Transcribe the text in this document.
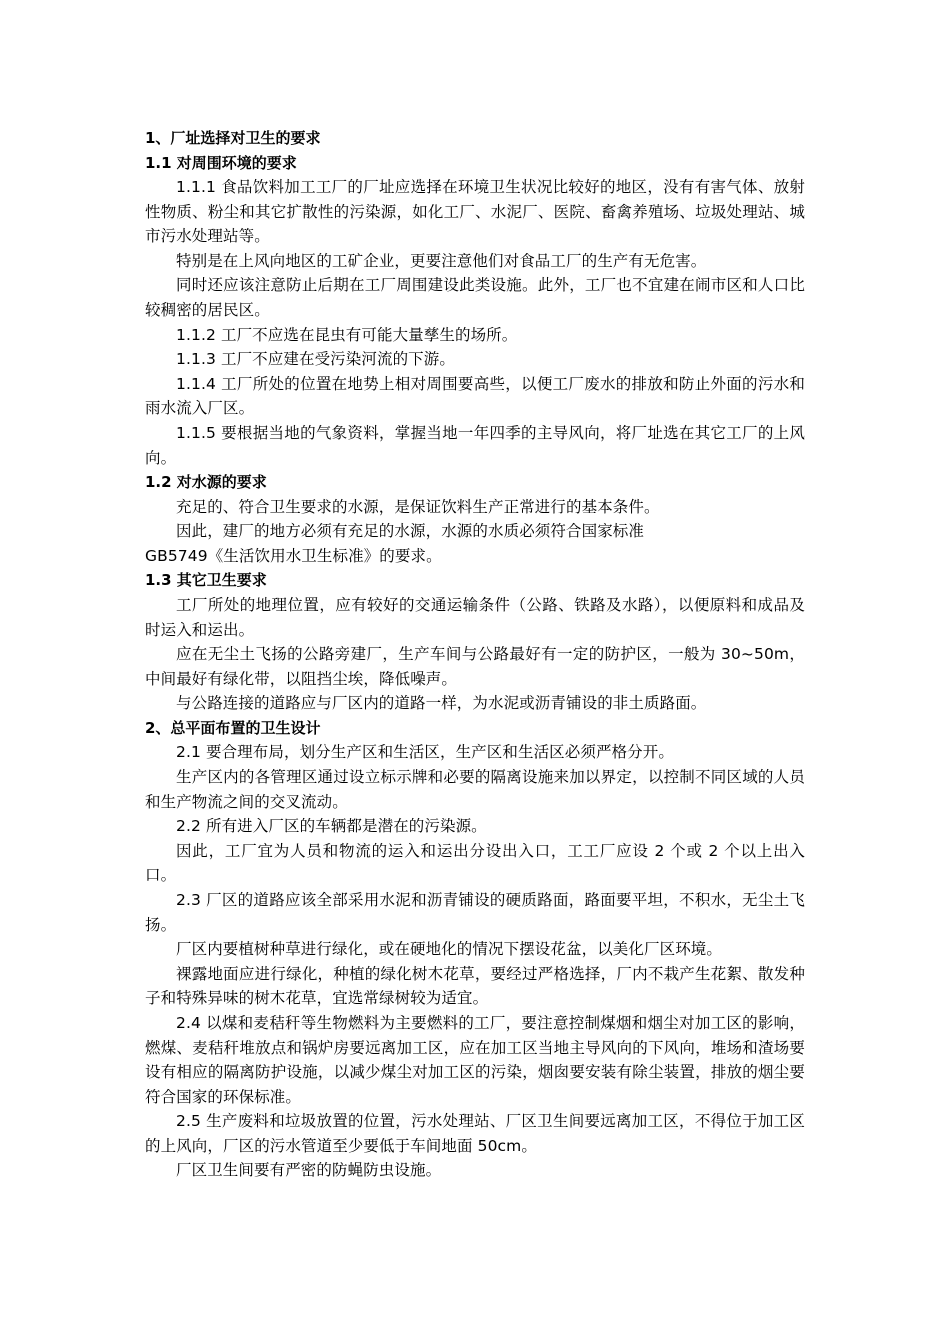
1、厂址选择对卫生的要求

1.1 对周围环境的要求

1.1.1 食品饮料加工工厂的厂址应选择在环境卫生状况比较好的地区，没有有害气体、放射性物质、粉尘和其它扩散性的污染源，如化工厂、水泥厂、医院、畜禽养殖场、垃圾处理站、城市污水处理站等。

特别是在上风向地区的工矿企业，更要注意他们对食品工厂的生产有无危害。

同时还应该注意防止后期在工厂周围建设此类设施。此外，工厂也不宜建在闹市区和人口比较稠密的居民区。

1.1.2 工厂不应选在昆虫有可能大量孳生的场所。

1.1.3 工厂不应建在受污染河流的下游。

1.1.4 工厂所处的位置在地势上相对周围要高些，以便工厂废水的排放和防止外面的污水和雨水流入厂区。

1.1.5 要根据当地的气象资料，掌握当地一年四季的主导风向，将厂址选在其它工厂的上风向。

1.2 对水源的要求

充足的、符合卫生要求的水源，是保证饮料生产正常进行的基本条件。

因此，建厂的地方必须有充足的水源，水源的水质必须符合国家标准
GB5749《生活饮用水卫生标准》的要求。

1.3 其它卫生要求

工厂所处的地理位置，应有较好的交通运输条件（公路、铁路及水路），以便原料和成品及时运入和运出。

应在无尘土飞扬的公路旁建厂，生产车间与公路最好有一定的防护区，一般为 30~50m，中间最好有绿化带，以阻挡尘埃，降低噪声。

与公路连接的道路应与厂区内的道路一样，为水泥或沥青铺设的非土质路面。

2、总平面布置的卫生设计

2.1 要合理布局，划分生产区和生活区，生产区和生活区必须严格分开。

生产区内的各管理区通过设立标示牌和必要的隔离设施来加以界定，以控制不同区域的人员和生产物流之间的交叉流动。

2.2 所有进入厂区的车辆都是潜在的污染源。

因此，工厂宜为人员和物流的运入和运出分设出入口，工工厂应设 2 个或 2 个以上出入口。

2.3 厂区的道路应该全部采用水泥和沥青铺设的硬质路面，路面要平坦，不积水，无尘土飞扬。

厂区内要植树种草进行绿化，或在硬地化的情况下摆设花盆，以美化厂区环境。

裸露地面应进行绿化，种植的绿化树木花草，要经过严格选择，厂内不栽产生花絮、散发种子和特殊异味的树木花草，宜选常绿树较为适宜。

2.4 以煤和麦秸秆等生物燃料为主要燃料的工厂，要注意控制煤烟和烟尘对加工区的影响，燃煤、麦秸秆堆放点和锅炉房要远离加工区，应在加工区当地主导风向的下风向，堆场和渣场要设有相应的隔离防护设施，以减少煤尘对加工区的污染，烟囱要安装有除尘装置，排放的烟尘要符合国家的环保标准。

2.5 生产废料和垃圾放置的位置，污水处理站、厂区卫生间要远离加工区，不得位于加工区的上风向，厂区的污水管道至少要低于车间地面 50cm。

厂区卫生间要有严密的防蝇防虫设施。
